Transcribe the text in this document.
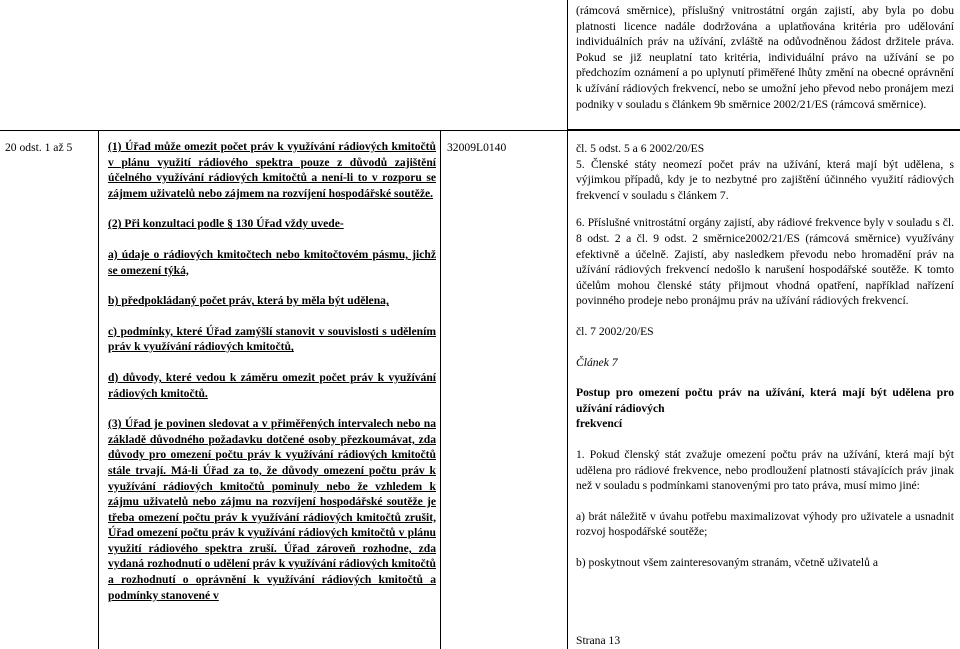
(rámcová směrnice), příslušný vnitrostátní orgán zajistí, aby byla po dobu platnosti licence nadále dodržována a uplatňována kritéria pro udělování individuálních práv na užívání, zvláště na odůvodněnou žádost držitele práva. Pokud se již neuplatní tato kritéria, individuální právo na užívání se po předchozím oznámení a po uplynutí přiměřené lhůty změní na obecné oprávnění k užívání rádiových frekvencí, nebo se umožní jeho převod nebo pronájem mezi podniky v souladu s článkem 9b směrnice 2002/21/ES (rámcová směrnice).
20 odst. 1 až 5	(1) Úřad může omezit počet práv k využívání rádiových kmitočtů v plánu využití rádiového spektra pouze z důvodů zajištění účelného využívání rádiových kmitočtů a není-li to v rozporu se zájmem uživatelů nebo zájmem na rozvíjení hospodářské soutěže.

(2) Při konzultaci podle § 130 Úřad vždy uvede-

a) údaje o rádiových kmitočtech nebo kmitočtovém pásmu, jichž se omezení týká,

b) předpokládaný počet práv, která by měla být udělena,

c) podmínky, které Úřad zamýšlí stanovit v souvislosti s udělením práv k využívání rádiových kmitočtů,

d) důvody, které vedou k záměru omezit počet práv k využívání rádiových kmitočtů.

(3) Úřad je povinen sledovat a v přiměřených intervalech nebo na základě důvodného požadavku dotčené osoby přezkoumávat, zda důvody pro omezení počtu práv k využívání rádiových kmitočtů stále trvají. Má-li Úřad za to, že důvody omezení počtu práv k využívání rádiových kmitočtů pominuly nebo že vzhledem k zájmu uživatelů nebo zájmu na rozvíjení hospodářské soutěže je třeba omezení počtu práv k využívání rádiových kmitočtů zrušit, Úřad omezení počtu práv k využívání rádiových kmitočtů v plánu využití rádiového spektra zruší. Úřad zároveň rozhodne, zda vydaná rozhodnutí o udělení práv k využívání rádiových kmitočtů a rozhodnutí o oprávnění k využívání rádiových kmitočtů a podmínky stanovené v

32009L0140	čl. 5 odst. 5 a 6 2002/20/ES

5. Členské státy neomezí počet práv na užívání, která mají být udělena, s výjimkou případů, kdy je to nezbytné pro zajištění účinného využití rádiových frekvencí v souladu s článkem 7.

6. Příslušné vnitrostátní orgány zajistí, aby rádiové frekvence byly v souladu s čl. 8 odst. 2 a čl. 9 odst. 2 směrnice2002/21/ES (rámcová směrnice) využívány efektivně a účelně. Zajistí, aby nasledkem převodu nebo hromadění práv na užívání rádiových frekvencí nedošlo k narušení hospodářské soutěže. K tomto účelům mohou členské státy přijmout vhodná opatření, například nařízení povinného prodeje nebo pronájmu práv na užívání rádiových frekvencí.

čl. 7 2002/20/ES

Článek 7

Postup pro omezení počtu práv na užívání, která mají být udělena pro užívání rádiových

frekvencí

1. Pokud členský stát zvažuje omezení počtu práv na užívání, která mají být udělena pro rádiové frekvence, nebo prodloužení platnosti stávajících práv jinak než v souladu s podmínkami stanovenými pro tato práva, musí mimo jiné:

a) brát náležitě v úvahu potřebu maximalizovat výhody pro uživatele a usnadnit rozvoj hospodářské soutěže;

b) poskytnout všem zainteresovaným stranám, včetně uživatelů a

Strana 13
